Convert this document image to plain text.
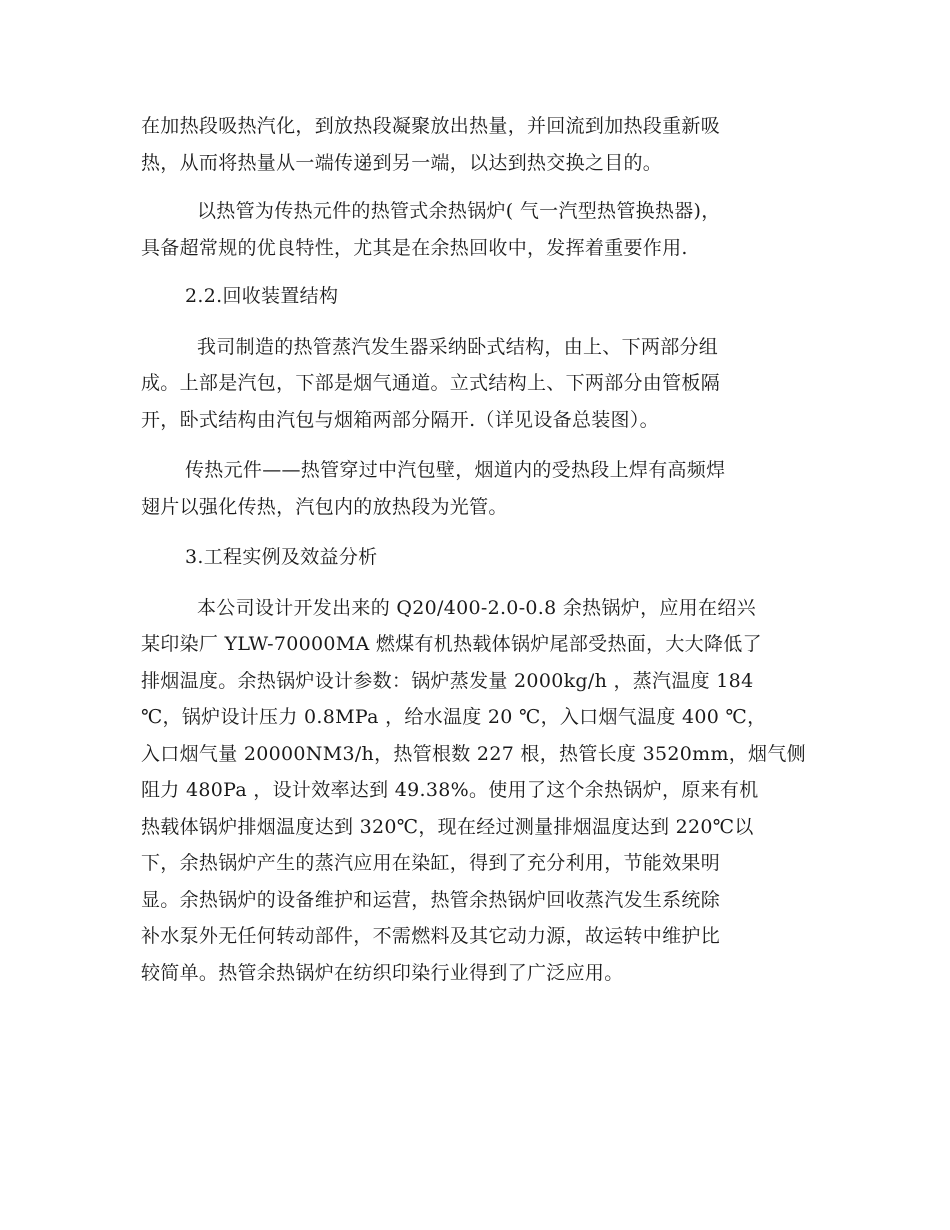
在加热段吸热汽化，到放热段凝聚放出热量，并回流到加热段重新吸
热，从而将热量从一端传递到另一端，以达到热交换之目的。

以热管为传热元件的热管式余热锅炉( 气一汽型热管换热器)，
具备超常规的优良特性，尤其是在余热回收中，发挥着重要作用.

2.2.回收装置结构

我司制造的热管蒸汽发生器采纳卧式结构，由上、下两部分组
成。上部是汽包，下部是烟气通道。立式结构上、下两部分由管板隔
开，卧式结构由汽包与烟箱两部分隔开.（详见设备总装图）。

传热元件——热管穿过中汽包壁，烟道内的受热段上焊有高频焊
翅片以强化传热，汽包内的放热段为光管。

3.工程实例及效益分析

本公司设计开发出来的 Q20/400-2.0-0.8 余热锅炉，应用在绍兴
某印染厂 YLW-70000MA 燃煤有机热载体锅炉尾部受热面，大大降低了
排烟温度。余热锅炉设计参数：锅炉蒸发量 2000kg/h ，蒸汽温度 184
℃，锅炉设计压力 0.8MPa ，给水温度 20 ℃，入口烟气温度 400 ℃，
入口烟气量 20000NM3/h，热管根数 227 根，热管长度 3520mm，烟气侧
阻力 480Pa ，设计效率达到 49.38%。使用了这个余热锅炉，原来有机
热载体锅炉排烟温度达到 320℃，现在经过测量排烟温度达到 220℃以
下，余热锅炉产生的蒸汽应用在染缸，得到了充分利用，节能效果明
显。余热锅炉的设备维护和运营，热管余热锅炉回收蒸汽发生系统除
补水泵外无任何转动部件，不需燃料及其它动力源，故运转中维护比
较简单。热管余热锅炉在纺织印染行业得到了广泛应用。
